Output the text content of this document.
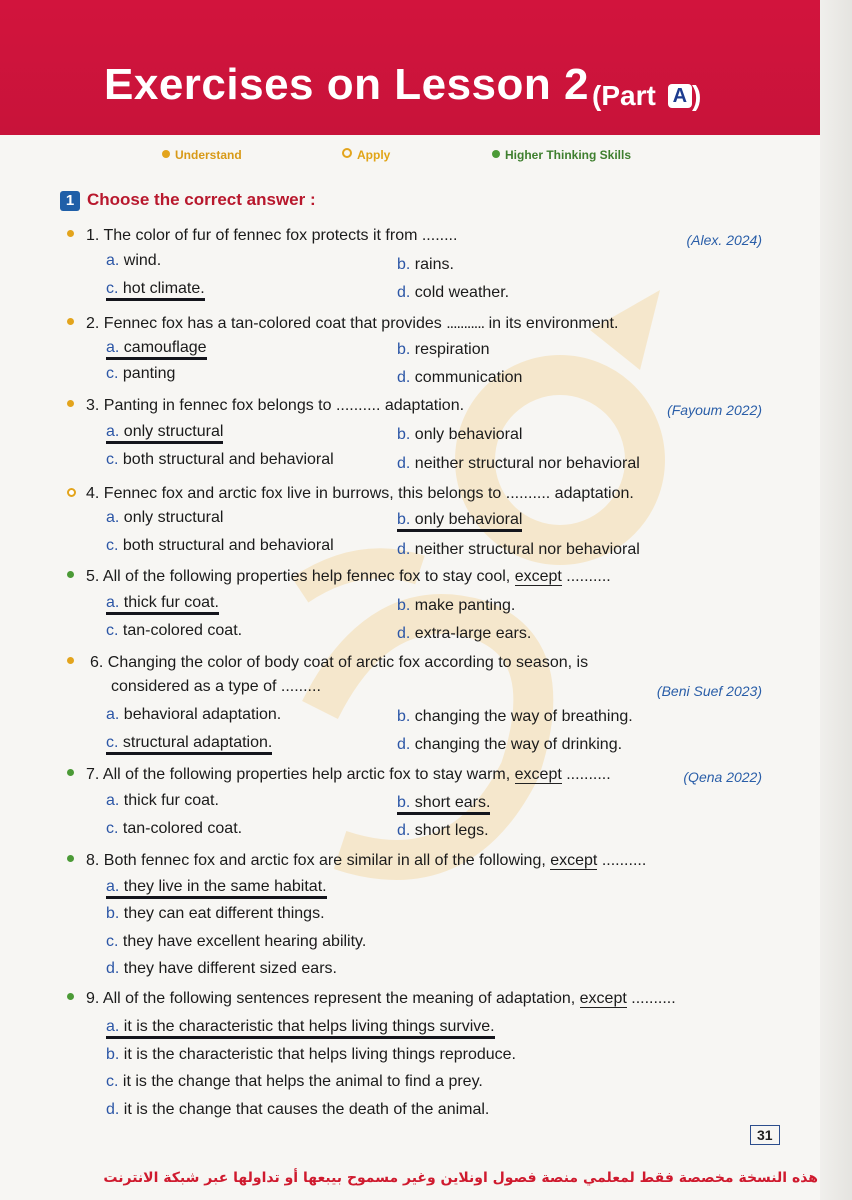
Exercises on Lesson 2 (Part A )
Understand	Apply	Higher Thinking Skills
1 Choose the correct answer :
1. The color of fur of fennec fox protects it from ........	(Alex. 2024)
a. wind.	b. rains.
c. hot climate.	d. cold weather.
2. Fennec fox has a tan-colored coat that provides ........... in its environment.
a. camouflage	b. respiration
c. panting	d. communication
3. Panting in fennec fox belongs to .......... adaptation.	(Fayoum 2022)
a. only structural	b. only behavioral
c. both structural and behavioral	d. neither structural nor behavioral
4. Fennec fox and arctic fox live in burrows, this belongs to .......... adaptation.
a. only structural	b. only behavioral
c. both structural and behavioral	d. neither structural nor behavioral
5. All of the following properties help fennec fox to stay cool, except ..........
a. thick fur coat.	b. make panting.
c. tan-colored coat.	d. extra-large ears.
6. Changing the color of body coat of arctic fox according to season, is
considered as a type of .........	(Beni Suef 2023)
a. behavioral adaptation.	b. changing the way of breathing.
c. structural adaptation.	d. changing the way of drinking.
7. All of the following properties help arctic fox to stay warm, except ..........	(Qena 2022)
a. thick fur coat.	b. short ears.
c. tan-colored coat.	d. short legs.
8. Both fennec fox and arctic fox are similar in all of the following, except ..........
a. they live in the same habitat.
b. they can eat different things.
c. they have excellent hearing ability.
d. they have different sized ears.
9. All of the following sentences represent the meaning of adaptation, except ..........
a. it is the characteristic that helps living things survive.
b. it is the characteristic that helps living things reproduce.
c. it is the change that helps the animal to find a prey.
d. it is the change that causes the death of the animal.
31
هذه النسخة مخصصة فقط لمعلمي منصة فصول اونلاين وغير مسموح بيبعها أو تداولها عبر شبكة الانترنت
